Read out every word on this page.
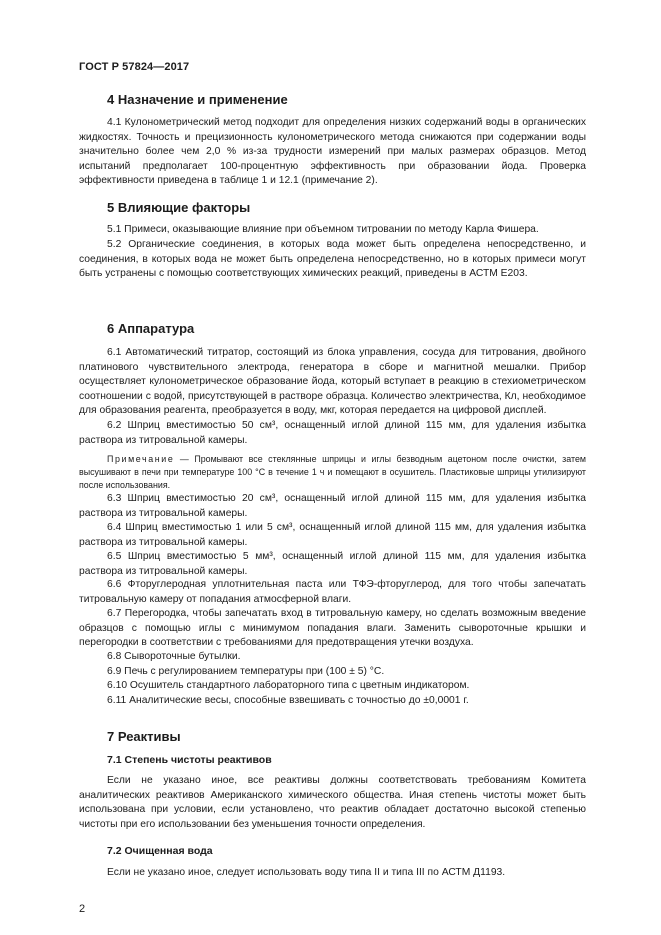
ГОСТ Р 57824—2017
4 Назначение и применение
4.1 Кулонометрический метод подходит для определения низких содержаний воды в органических жидкостях. Точность и прецизионность кулонометрического метода снижаются при содержании воды значительно более чем 2,0 % из-за трудности измерений при малых размерах образцов. Метод испытаний предполагает 100-процентную эффективность при образовании йода. Проверка эффективности приведена в таблице 1 и 12.1 (примечание 2).
5 Влияющие факторы
5.1 Примеси, оказывающие влияние при объемном титровании по методу Карла Фишера.
5.2 Органические соединения, в которых вода может быть определена непосредственно, и соединения, в которых вода не может быть определена непосредственно, но в которых примеси могут быть устранены с помощью соответствующих химических реакций, приведены в АСТМ Е203.
6 Аппаратура
6.1 Автоматический титратор, состоящий из блока управления, сосуда для титрования, двойного платинового чувствительного электрода, генератора в сборе и магнитной мешалки. Прибор осуществляет кулонометрическое образование йода, который вступает в реакцию в стехиометрическом соотношении с водой, присутствующей в растворе образца. Количество электричества, Кл, необходимое для образования реагента, преобразуется в воду, мкг, которая передается на цифровой дисплей.
6.2 Шприц вместимостью 50 см³, оснащенный иглой длиной 115 мм, для удаления избытка раствора из титровальной камеры.
Примечание — Промывают все стеклянные шприцы и иглы безводным ацетоном после очистки, затем высушивают в печи при температуре 100 °С в течение 1 ч и помещают в осушитель. Пластиковые шприцы утилизируют после использования.
6.3 Шприц вместимостью 20 см³, оснащенный иглой длиной 115 мм, для удаления избытка раствора из титровальной камеры.
6.4 Шприц вместимостью 1 или 5 см³, оснащенный иглой длиной 115 мм, для удаления избытка раствора из титровальной камеры.
6.5 Шприц вместимостью 5 мм³, оснащенный иглой длиной 115 мм, для удаления избытка раствора из титровальной камеры.
6.6 Фторуглеродная уплотнительная паста или ТФЭ-фторуглерод, для того чтобы запечатать титровальную камеру от попадания атмосферной влаги.
6.7 Перегородка, чтобы запечатать вход в титровальную камеру, но сделать возможным введение образцов с помощью иглы с минимумом попадания влаги. Заменить сывороточные крышки и перегородки в соответствии с требованиями для предотвращения утечки воздуха.
6.8 Сывороточные бутылки.
6.9 Печь с регулированием температуры при (100 ± 5) °С.
6.10 Осушитель стандартного лабораторного типа с цветным индикатором.
6.11 Аналитические весы, способные взвешивать с точностью до ±0,0001 г.
7 Реактивы
7.1 Степень чистоты реактивов
Если не указано иное, все реактивы должны соответствовать требованиям Комитета аналитических реактивов Американского химического общества. Иная степень чистоты может быть использована при условии, если установлено, что реактив обладает достаточно высокой степенью чистоты при его использовании без уменьшения точности определения.
7.2 Очищенная вода
Если не указано иное, следует использовать воду типа II и типа III по АСТМ Д1193.
2
